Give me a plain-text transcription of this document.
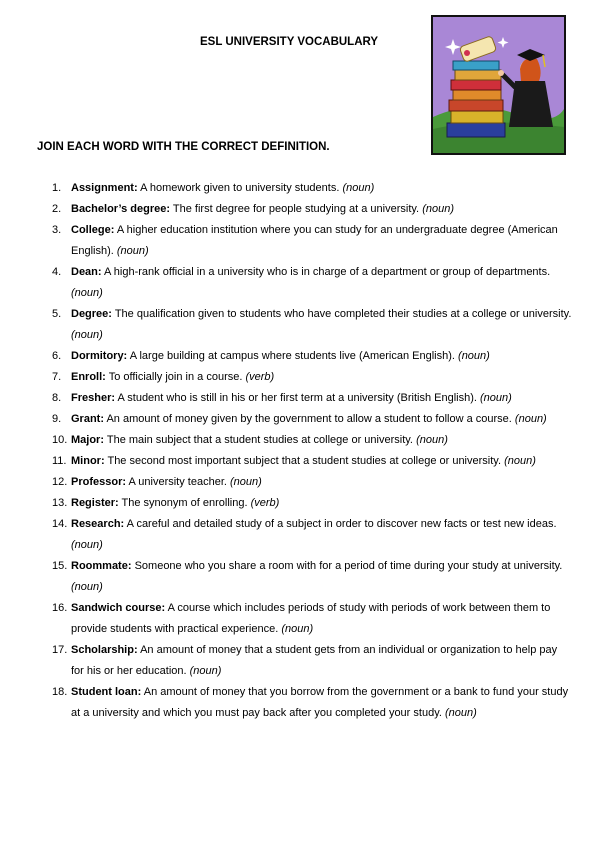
ESL UNIVERSITY VOCABULARY
JOIN EACH WORD WITH THE CORRECT DEFINITION.
1. Assignment: A homework given to university students. (noun)
2. Bachelor’s degree: The first degree for people studying at a university. (noun)
3. College: A higher education institution where you can study for an undergraduate degree (American English). (noun)
4. Dean: A high-rank official in a university who is in charge of a department or group of departments. (noun)
5. Degree: The qualification given to students who have completed their studies at a college or university. (noun)
6. Dormitory: A large building at campus where students live (American English). (noun)
7. Enroll: To officially join in a course. (verb)
8. Fresher: A student who is still in his or her first term at a university (British English). (noun)
9. Grant: An amount of money given by the government to allow a student to follow a course. (noun)
10. Major: The main subject that a student studies at college or university. (noun)
11. Minor: The second most important subject that a student studies at college or university. (noun)
12. Professor: A university teacher. (noun)
13. Register: The synonym of enrolling. (verb)
14. Research: A careful and detailed study of a subject in order to discover new facts or test new ideas. (noun)
15. Roommate: Someone who you share a room with for a period of time during your study at university. (noun)
16. Sandwich course: A course which includes periods of study with periods of work between them to provide students with practical experience. (noun)
17. Scholarship: An amount of money that a student gets from an individual or organization to help pay for his or her education. (noun)
18. Student loan: An amount of money that you borrow from the government or a bank to fund your study at a university and which you must pay back after you completed your study. (noun)
